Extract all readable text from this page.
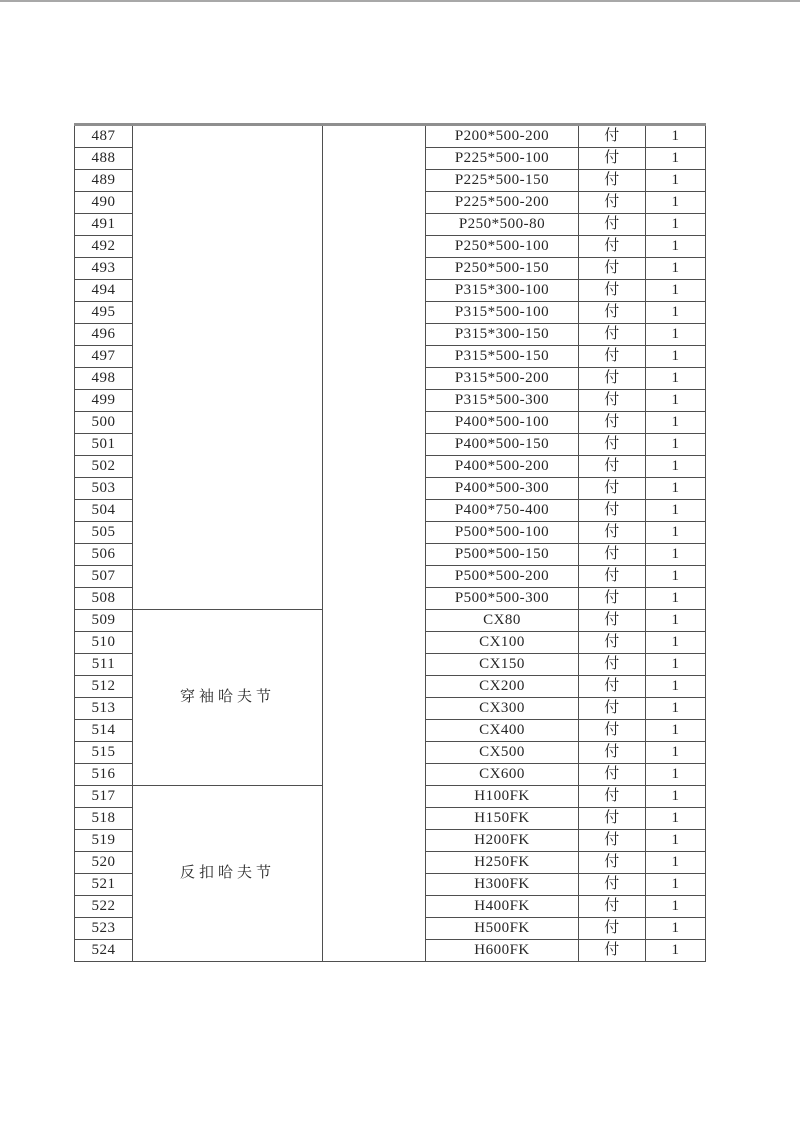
487			P200*500-200	付	1
488			P225*500-100	付	1
489			P225*500-150	付	1
490			P225*500-200	付	1
491			P250*500-80	付	1
492			P250*500-100	付	1
493			P250*500-150	付	1
494			P315*300-100	付	1
495			P315*500-100	付	1
496			P315*300-150	付	1
497			P315*500-150	付	1
498			P315*500-200	付	1
499			P315*500-300	付	1
500			P400*500-100	付	1
501			P400*500-150	付	1
502			P400*500-200	付	1
503			P400*500-300	付	1
504			P400*750-400	付	1
505			P500*500-100	付	1
506			P500*500-150	付	1
507			P500*500-200	付	1
508			P500*500-300	付	1
509	穿袖哈夫节		CX80	付	1
510			CX100	付	1
511			CX150	付	1
512			CX200	付	1
513			CX300	付	1
514			CX400	付	1
515			CX500	付	1
516			CX600	付	1
517	反扣哈夫节		H100FK	付	1
518			H150FK	付	1
519			H200FK	付	1
520			H250FK	付	1
521			H300FK	付	1
522			H400FK	付	1
523			H500FK	付	1
524			H600FK	付	1
